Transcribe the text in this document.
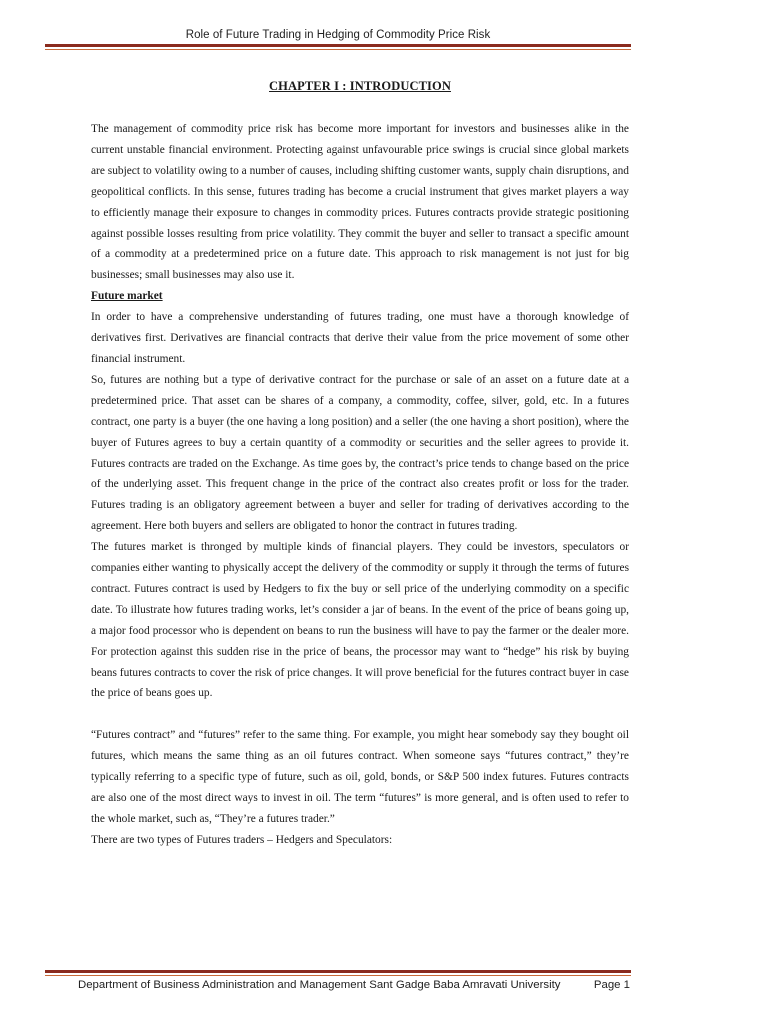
Role of Future Trading in Hedging of Commodity Price Risk
CHAPTER I : INTRODUCTION

The management of commodity price risk has become more important for investors and businesses alike in the current unstable financial environment. Protecting against unfavourable price swings is crucial since global markets are subject to volatility owing to a number of causes, including shifting customer wants, supply chain disruptions, and geopolitical conflicts. In this sense, futures trading has become a crucial instrument that gives market players a way to efficiently manage their exposure to changes in commodity prices. Futures contracts provide strategic positioning against possible losses resulting from price volatility. They commit the buyer and seller to transact a specific amount of a commodity at a predetermined price on a future date. This approach to risk management is not just for big businesses; small businesses may also use it.

Future market

In order to have a comprehensive understanding of futures trading, one must have a thorough knowledge of derivatives first. Derivatives are financial contracts that derive their value from the price movement of some other financial instrument.

So, futures are nothing but a type of derivative contract for the purchase or sale of an asset on a future date at a predetermined price. That asset can be shares of a company, a commodity, coffee, silver, gold, etc. In a futures contract, one party is a buyer (the one having a long position) and a seller (the one having a short position), where the buyer of Futures agrees to buy a certain quantity of a commodity or securities and the seller agrees to provide it. Futures contracts are traded on the Exchange. As time goes by, the contract’s price tends to change based on the price of the underlying asset. This frequent change in the price of the contract also creates profit or loss for the trader. Futures trading is an obligatory agreement between a buyer and seller for trading of derivatives according to the agreement. Here both buyers and sellers are obligated to honor the contract in futures trading.

The futures market is thronged by multiple kinds of financial players. They could be investors, speculators or companies either wanting to physically accept the delivery of the commodity or supply it through the terms of futures contract. Futures contract is used by Hedgers to fix the buy or sell price of the underlying commodity on a specific date. To illustrate how futures trading works, let’s consider a jar of beans. In the event of the price of beans going up, a major food processor who is dependent on beans to run the business will have to pay the farmer or the dealer more. For protection against this sudden rise in the price of beans, the processor may want to “hedge” his risk by buying beans futures contracts to cover the risk of price changes. It will prove beneficial for the futures contract buyer in case the price of beans goes up.

“Futures contract” and “futures” refer to the same thing. For example, you might hear somebody say they bought oil futures, which means the same thing as an oil futures contract. When someone says “futures contract,” they’re typically referring to a specific type of future, such as oil, gold, bonds, or S&P 500 index futures. Futures contracts are also one of the most direct ways to invest in oil. The term “futures” is more general, and is often used to refer to the whole market, such as, “They’re a futures trader.”

There are two types of Futures traders – Hedgers and Speculators:

Department of Business Administration and Management Sant Gadge Baba Amravati University	Page 1
